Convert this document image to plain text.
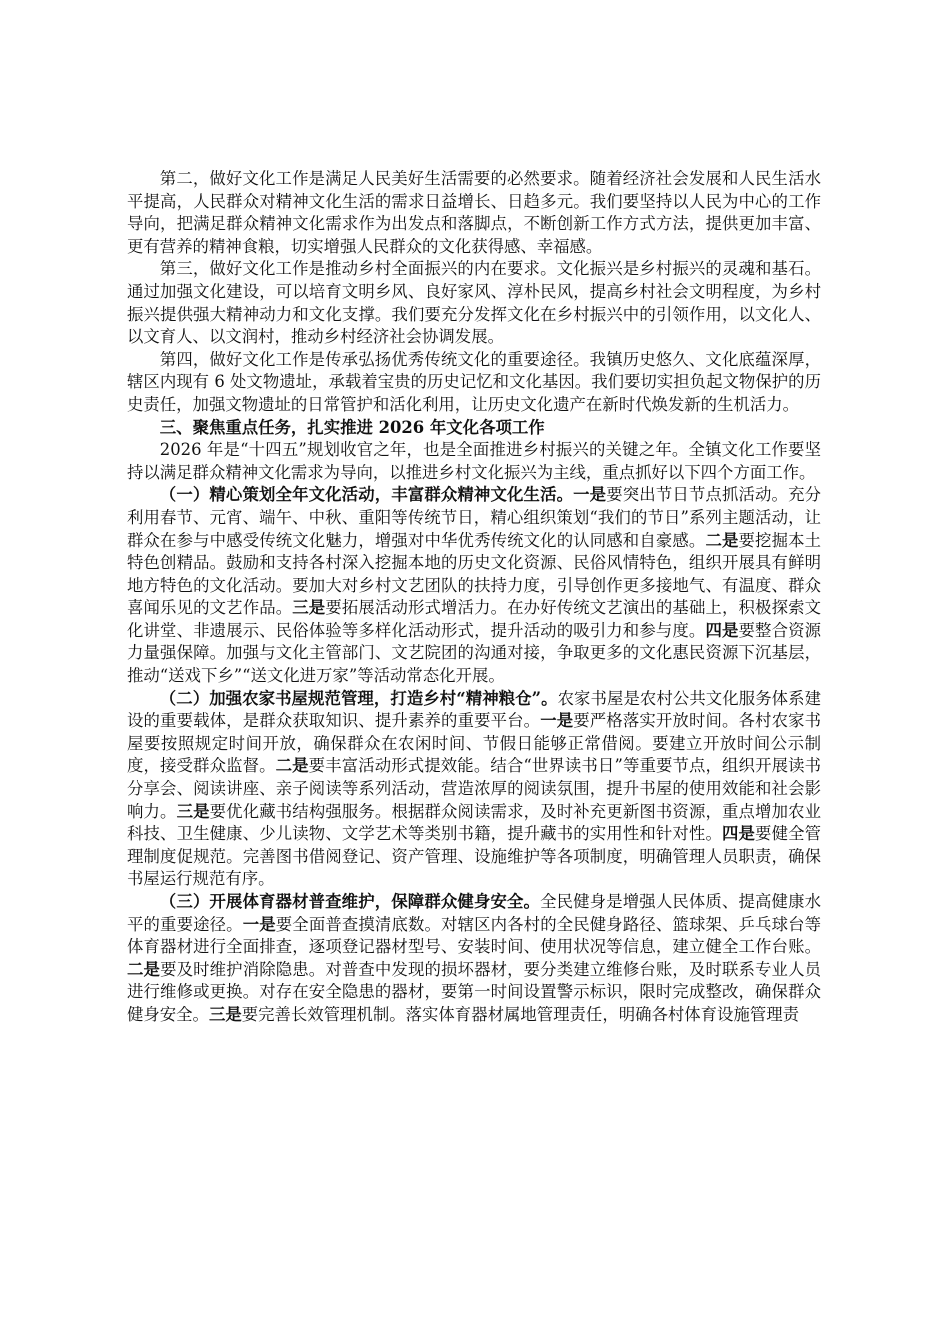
第二，做好文化工作是满足人民美好生活需要的必然要求。随着经济社会发展和人民生活水平提高，人民群众对精神文化生活的需求日益增长、日趋多元。我们要坚持以人民为中心的工作导向，把满足群众精神文化需求作为出发点和落脚点，不断创新工作方式方法，提供更加丰富、更有营养的精神食粮，切实增强人民群众的文化获得感、幸福感。

第三，做好文化工作是推动乡村全面振兴的内在要求。文化振兴是乡村振兴的灵魂和基石。通过加强文化建设，可以培育文明乡风、良好家风、淳朴民风，提高乡村社会文明程度，为乡村振兴提供强大精神动力和文化支撑。我们要充分发挥文化在乡村振兴中的引领作用，以文化人、以文育人、以文润村，推动乡村经济社会协调发展。

第四，做好文化工作是传承弘扬优秀传统文化的重要途径。我镇历史悠久、文化底蕴深厚，辖区内现有 6 处文物遗址，承载着宝贵的历史记忆和文化基因。我们要切实担负起文物保护的历史责任，加强文物遗址的日常管护和活化利用，让历史文化遗产在新时代焕发新的生机活力。

三、聚焦重点任务，扎实推进 2026 年文化各项工作

2026 年是“十四五”规划收官之年，也是全面推进乡村振兴的关键之年。全镇文化工作要坚持以满足群众精神文化需求为导向，以推进乡村文化振兴为主线，重点抓好以下四个方面工作。

（一）精心策划全年文化活动，丰富群众精神文化生活。一是要突出节日节点抓活动。充分利用春节、元宵、端午、中秋、重阳等传统节日，精心组织策划“我们的节日”系列主题活动，让群众在参与中感受传统文化魅力，增强对中华优秀传统文化的认同感和自豪感。二是要挖掘本土特色创精品。鼓励和支持各村深入挖掘本地的历史文化资源、民俗风情特色，组织开展具有鲜明地方特色的文化活动。要加大对乡村文艺团队的扶持力度，引导创作更多接地气、有温度、群众喜闻乐见的文艺作品。三是要拓展活动形式增活力。在办好传统文艺演出的基础上，积极探索文化讲堂、非遗展示、民俗体验等多样化活动形式，提升活动的吸引力和参与度。四是要整合资源力量强保障。加强与文化主管部门、文艺院团的沟通对接，争取更多的文化惠民资源下沉基层，推动“送戏下乡”“送文化进万家”等活动常态化开展。

（二）加强农家书屋规范管理，打造乡村“精神粮仓”。农家书屋是农村公共文化服务体系建设的重要载体，是群众获取知识、提升素养的重要平台。一是要严格落实开放时间。各村农家书屋要按照规定时间开放，确保群众在农闲时间、节假日能够正常借阅。要建立开放时间公示制度，接受群众监督。二是要丰富活动形式提效能。结合“世界读书日”等重要节点，组织开展读书分享会、阅读讲座、亲子阅读等系列活动，营造浓厚的阅读氛围，提升书屋的使用效能和社会影响力。三是要优化藏书结构强服务。根据群众阅读需求，及时补充更新图书资源，重点增加农业科技、卫生健康、少儿读物、文学艺术等类别书籍，提升藏书的实用性和针对性。四是要健全管理制度促规范。完善图书借阅登记、资产管理、设施维护等各项制度，明确管理人员职责，确保书屋运行规范有序。

（三）开展体育器材普查维护，保障群众健身安全。全民健身是增强人民体质、提高健康水平的重要途径。一是要全面普查摸清底数。对辖区内各村的全民健身路径、篮球架、乒乓球台等体育器材进行全面排查，逐项登记器材型号、安装时间、使用状况等信息，建立健全工作台账。二是要及时维护消除隐患。对普查中发现的损坏器材，要分类建立维修台账，及时联系专业人员进行维修或更换。对存在安全隐患的器材，要第一时间设置警示标识，限时完成整改，确保群众健身安全。三是要完善长效管理机制。落实体育器材属地管理责任，明确各村体育设施管理责
